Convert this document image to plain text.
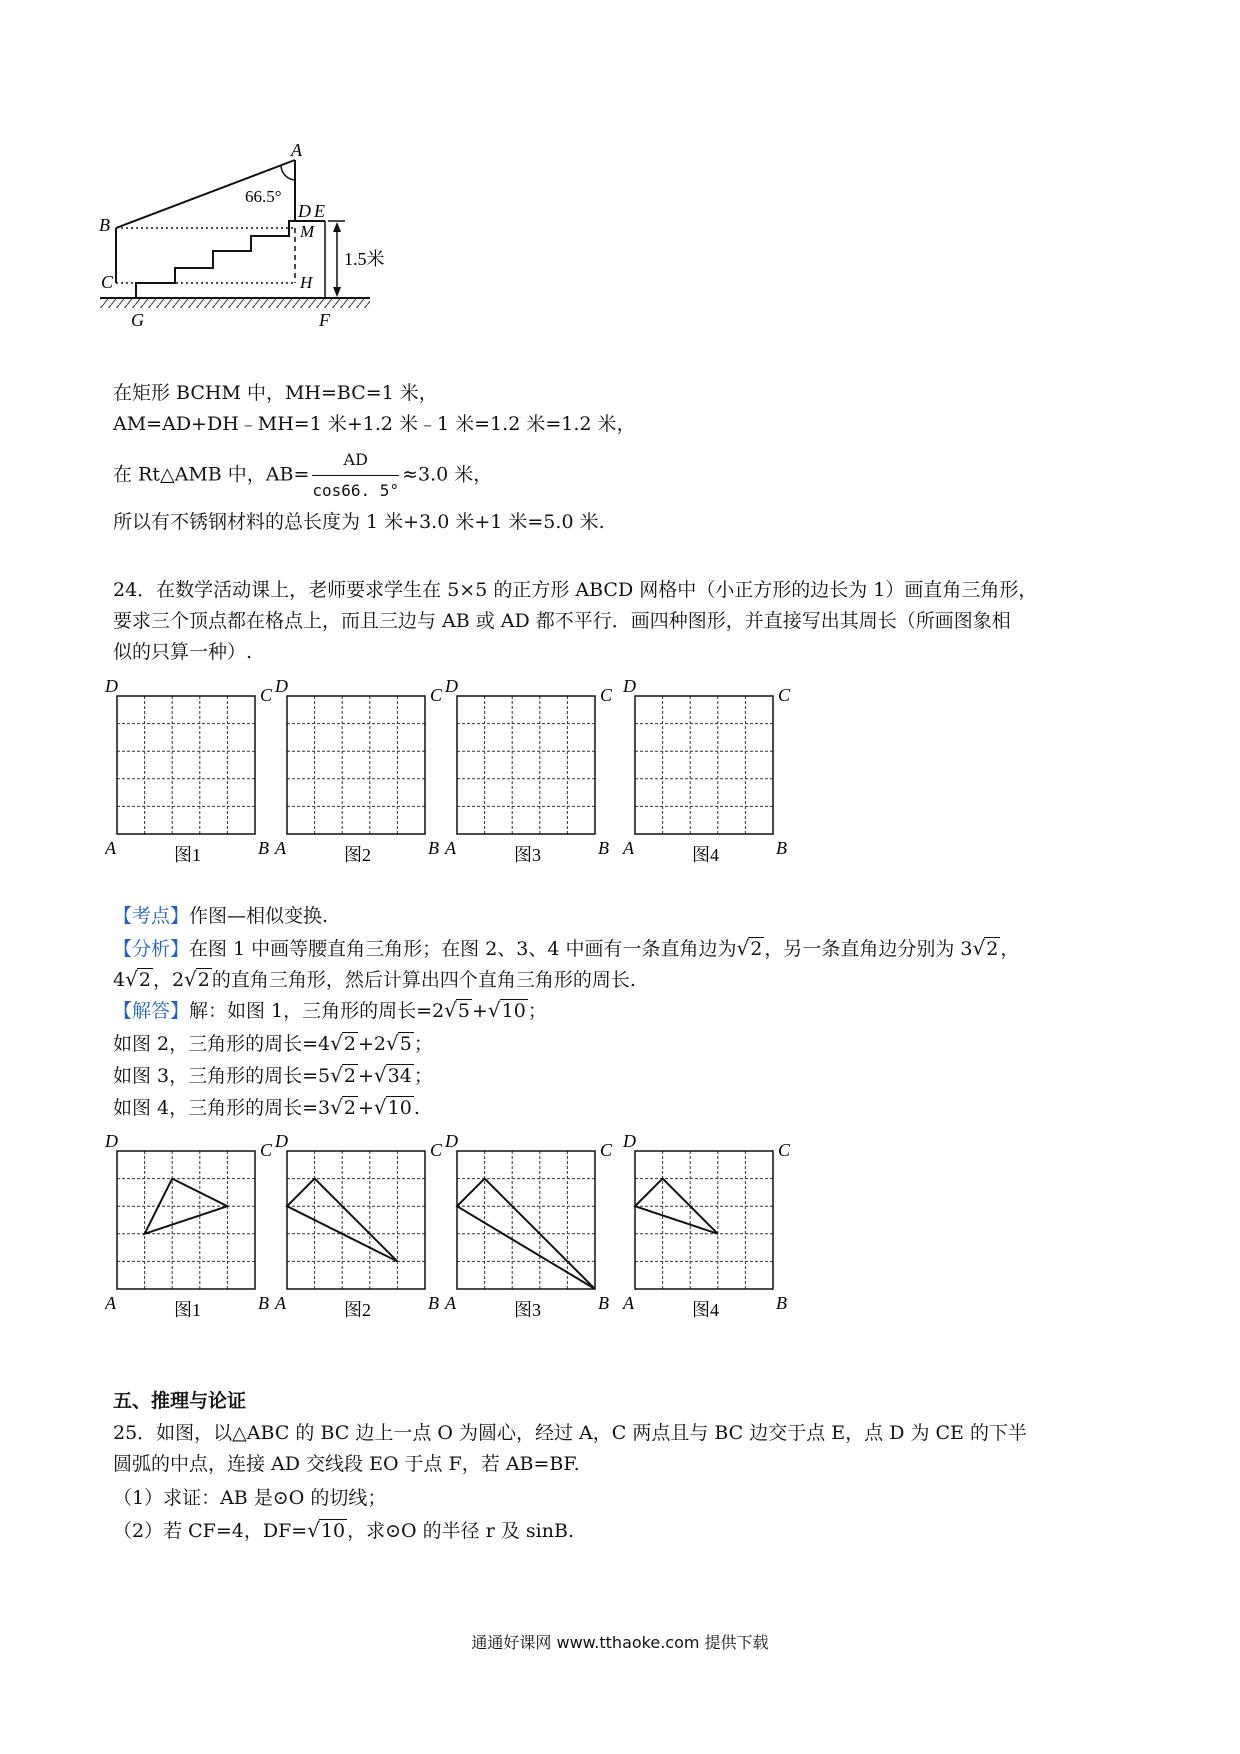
66.5°
1.5米
A
B
C
D E
M
H
G	F
在矩形 BCHM 中，MH=BC=1 米，
AM=AD+DH﹣MH=1 米+1.2 米﹣1 米=1.2 米=1.2 米，
在 Rt△AMB 中，$AB= \frac{AD}{\cos 66. 5^\circ} \approx 3.0$ 米，
所以有不锈钢材料的总长度为 1 米+3.0 米+1 米=5.0 米.
24．在数学活动课上，老师要求学生在 5×5 的正方形 ABCD 网格中（小正方形的边长为 1）画直角三角形，
要求三个顶点都在格点上，而且三边与 AB 或 AD 都不平行．画四种图形，并直接写出其周长（所画图象相
似的只算一种）.
D	C
A	B
图1
D	C
A	B
图2
D	C
A	B
图3
D	C
A	B
图4
【考点】作图—相似变换.
【分析】在图 1 中画等腰直角三角形；在图 2、3、4 中画有一条直角边为√2 ，另一条直角边分别为 3√2 ，
4√2 ，2√2 的直角三角形，然后计算出四个直角三角形的周长.
【解答】解：如图 1，三角形的周长=2√5 +√10 ；
如图 2，三角形的周长=4√2 +2√5 ；
如图 3，三角形的周长=5√2 +√34 ；
如图 4，三角形的周长=3√2 +√10 .
D	C
A	B
图1
D	C
A	B
图2
D	C
A	B
图3
D	C
A	B
图4
五、推理与论证
25．如图，以△ABC 的 BC 边上一点 O 为圆心，经过 A，C 两点且与 BC 边交于点 E，点 D 为 CE 的下半
圆弧的中点，连接 AD 交线段 EO 于点 F，若 AB=BF.
（1）求证：AB 是⊙O 的切线；
（2）若 CF=4，DF=√10 ，求⊙O 的半径 r 及 sinB.
通通好课网 www.tthaoke.com 提供下载
